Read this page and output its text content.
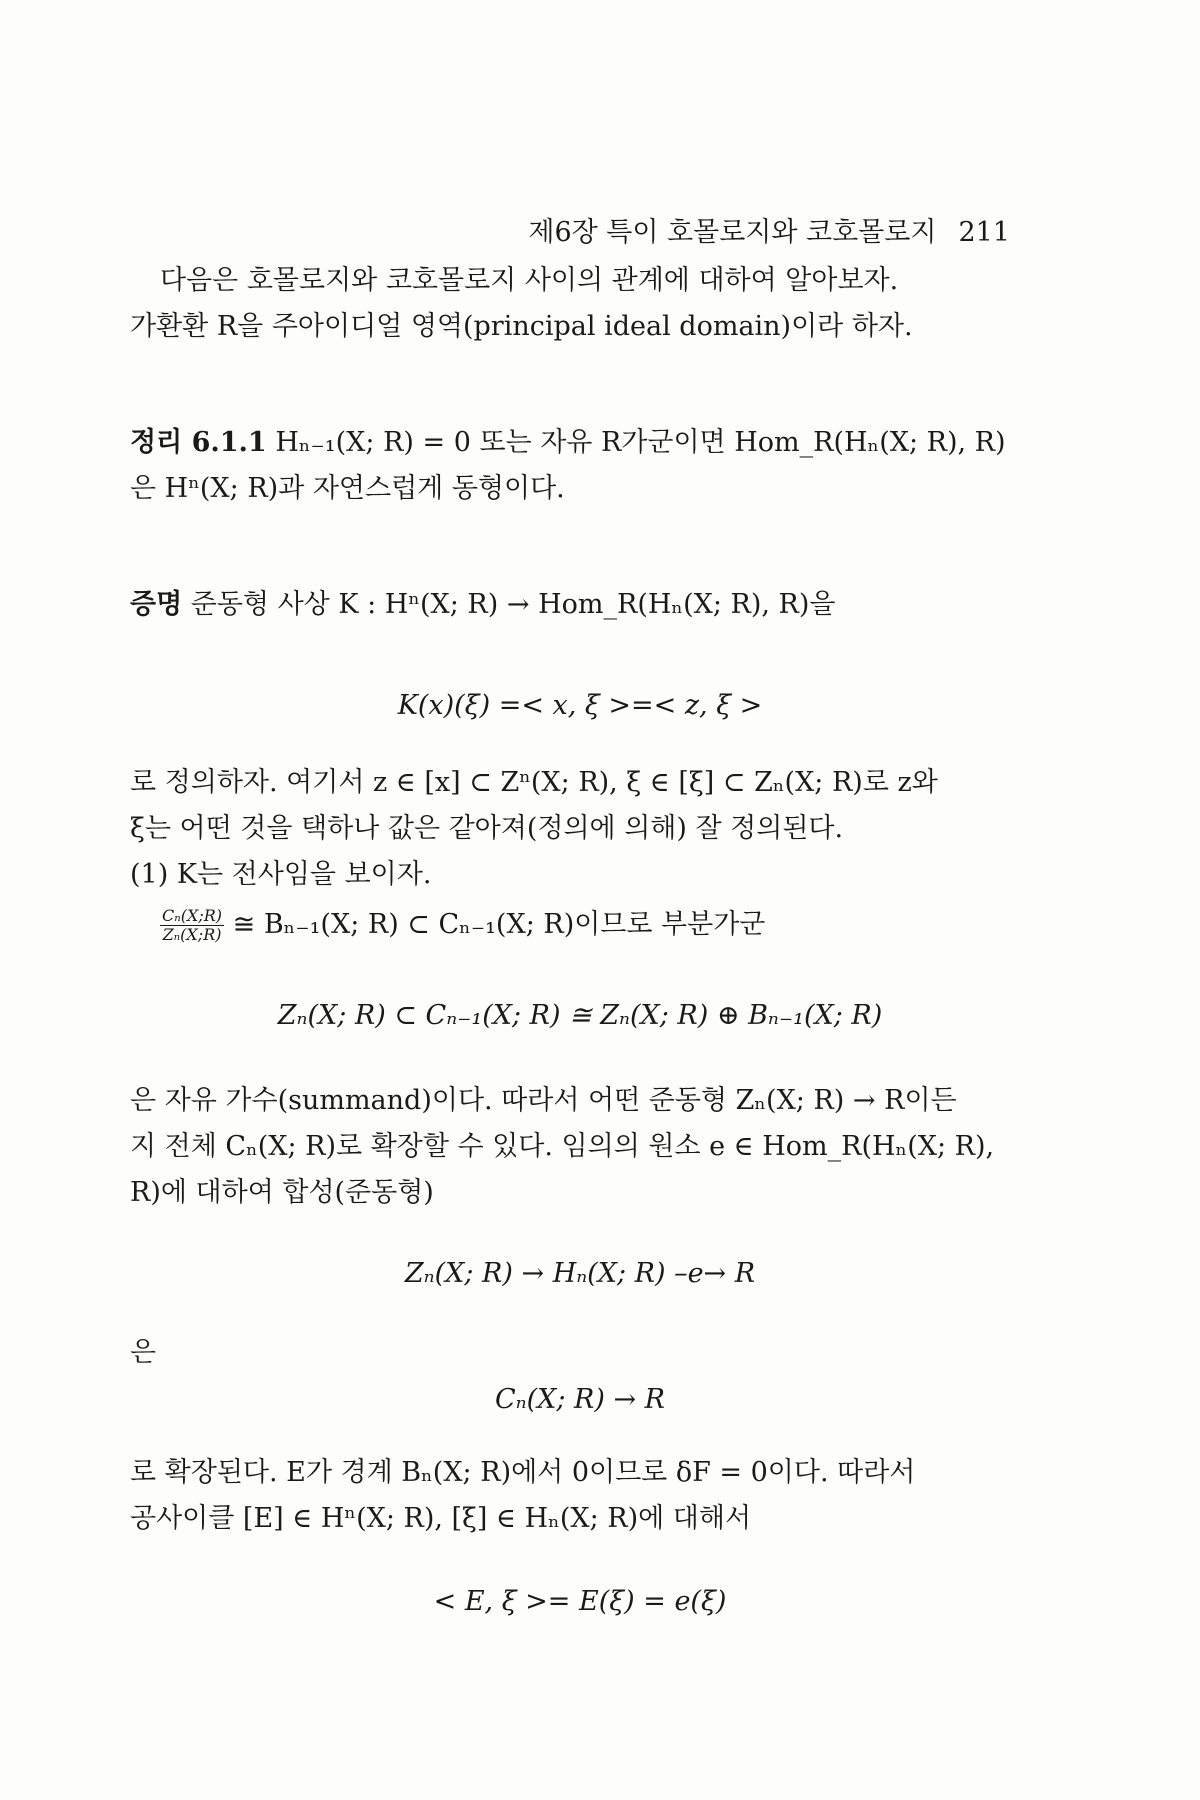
제6장 특이 호몰로지와 코호몰로지 211
다음은 호몰로지와 코호몰로지 사이의 관계에 대하여 알아보자.
가환환 R을 주아이디얼 영역(principal ideal domain)이라 하자.
정리 6.1.1 Hₙ₋₁(X; R) = 0 또는 자유 R가군이면 Hom_R(Hₙ(X; R), R)
은 Hⁿ(X; R)과 자연스럽게 동형이다.
증명 준동형 사상 K : Hⁿ(X; R) → Hom_R(Hₙ(X; R), R)을
K(x)(ξ) =< x, ξ >=< z, ξ >
로 정의하자. 여기서 z ∈ [x] ⊂ Zⁿ(X; R), ξ ∈ [ξ] ⊂ Zₙ(X; R)로 z와
ξ는 어떤 것을 택하나 값은 같아져(정의에 의해) 잘 정의된다.
(1) K는 전사임을 보이자.
$\frac{\text{Cₙ(X;R)}}{\text{Zₙ(X;R)}}$ ≅ Bₙ₋₁(X; R) ⊂ Cₙ₋₁(X; R)이므로 부분가군
Zₙ(X; R) ⊂ Cₙ₋₁(X; R) ≅ Zₙ(X; R) ⊕ Bₙ₋₁(X; R)
은 자유 가수(summand)이다. 따라서 어떤 준동형 Zₙ(X; R) → R이든
지 전체 Cₙ(X; R)로 확장할 수 있다. 임의의 원소 e ∈ Hom_R(Hₙ(X; R),
R)에 대하여 합성(준동형)
Zₙ(X; R) → Hₙ(X; R) –e→ R
은
Cₙ(X; R) → R
로 확장된다. E가 경계 Bₙ(X; R)에서 0이므로 δF = 0이다. 따라서
공사이클 [E] ∈ Hⁿ(X; R), [ξ] ∈ Hₙ(X; R)에 대해서
< E, ξ >= E(ξ) = e(ξ)
